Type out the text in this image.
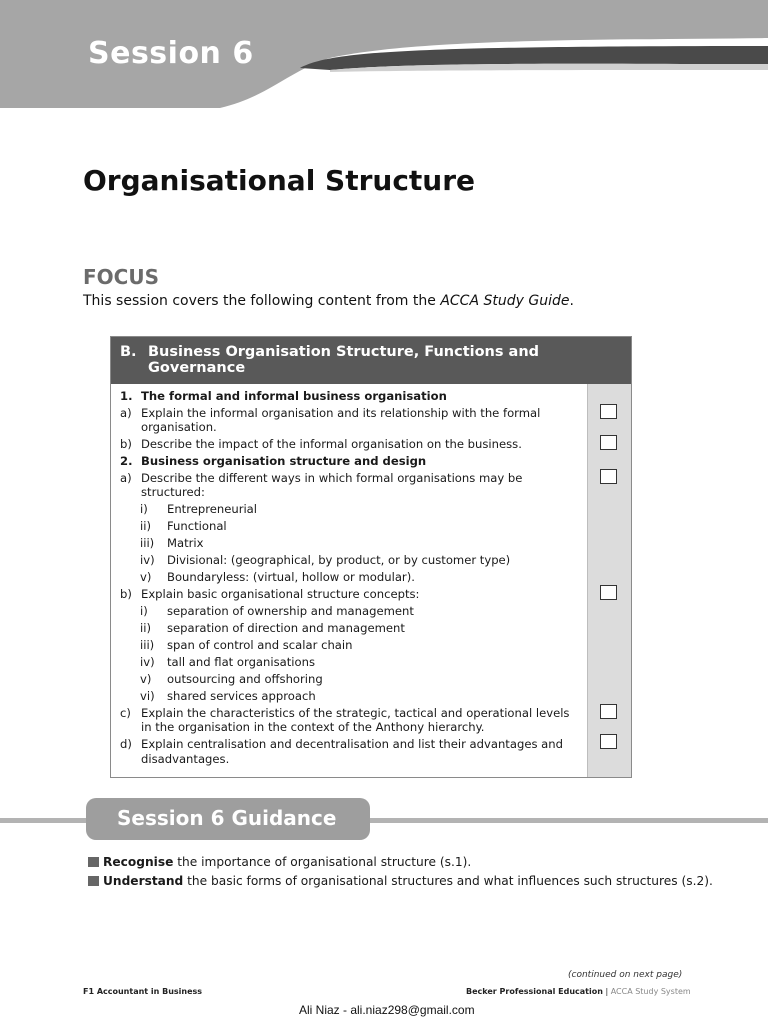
Session 6
Organisational Structure
FOCUS
This session covers the following content from the ACCA Study Guide.
B. Business Organisation Structure, Functions and Governance
1. The formal and informal business organisation
a) Explain the informal organisation and its relationship with the formal
organisation.
b) Describe the impact of the informal organisation on the business.
2. Business organisation structure and design
a) Describe the different ways in which formal organisations may be
structured:
i) Entrepreneurial
ii) Functional
iii) Matrix
iv) Divisional: (geographical, by product, or by customer type)
v) Boundaryless: (virtual, hollow or modular).
b) Explain basic organisational structure concepts:
i) separation of ownership and management
ii) separation of direction and management
iii) span of control and scalar chain
iv) tall and flat organisations
v) outsourcing and offshoring
vi) shared services approach
c) Explain the characteristics of the strategic, tactical and operational levels
in the organisation in the context of the Anthony hierarchy.
d) Explain centralisation and decentralisation and list their advantages and
disadvantages.
Session 6 Guidance
Recognise the importance of organisational structure (s.1).
Understand the basic forms of organisational structures and what influences such structures (s.2).
(continued on next page)
F1 Accountant in Business	Becker Professional Education | ACCA Study System
Ali Niaz - ali.niaz298@gmail.com
